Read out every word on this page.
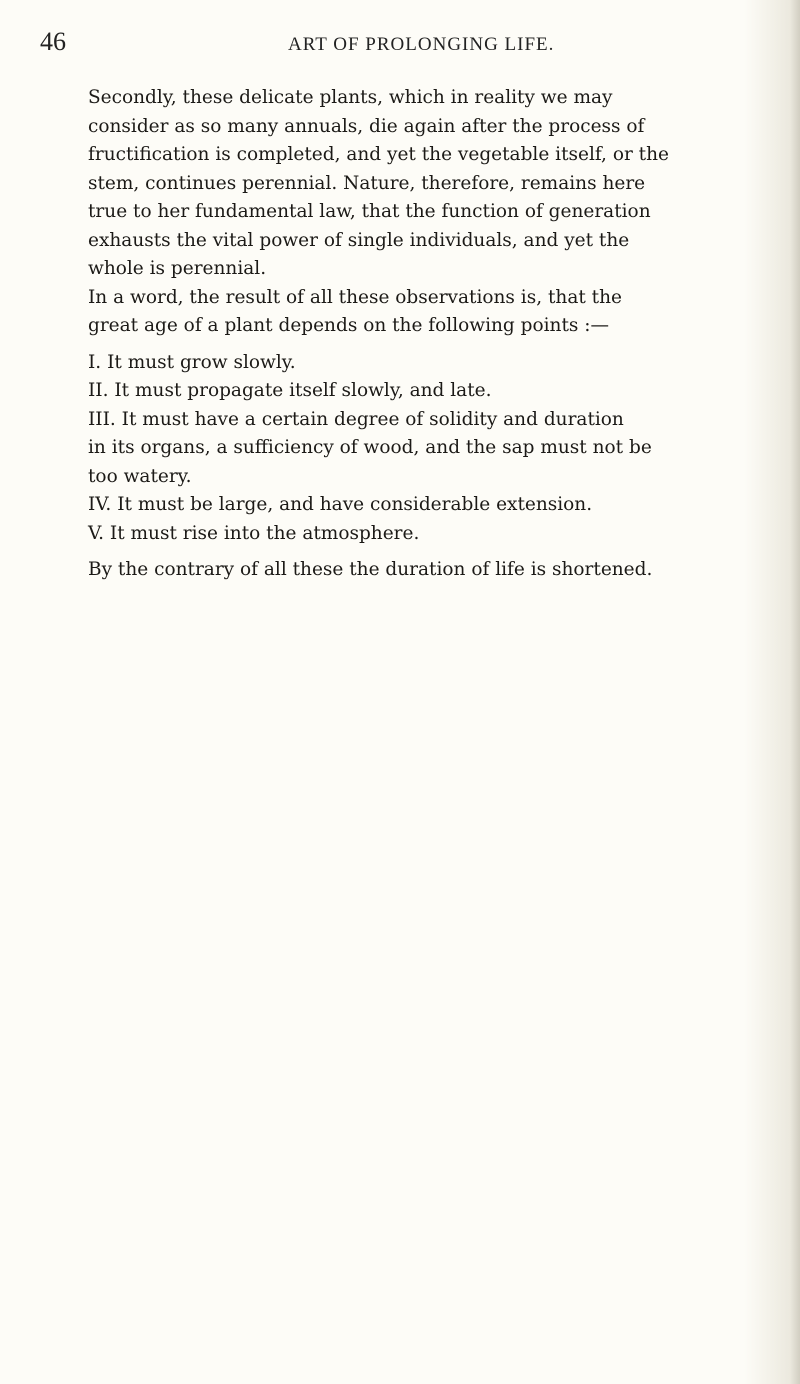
46	ART OF PROLONGING LIFE.
Secondly, these delicate plants, which in reality we may
consider as so many annuals, die again after the process of
fructification is completed, and yet the vegetable itself, or the
stem, continues perennial. Nature, therefore, remains here
true to her fundamental law, that the function of generation
exhausts the vital power of single individuals, and yet the
whole is perennial.
In a word, the result of all these observations is, that the
great age of a plant depends on the following points :—
I. It must grow slowly.
II. It must propagate itself slowly, and late.
III. It must have a certain degree of solidity and duration
in its organs, a sufficiency of wood, and the sap must not be
too watery.
IV. It must be large, and have considerable extension.
V. It must rise into the atmosphere.
By the contrary of all these the duration of life is shortened.
